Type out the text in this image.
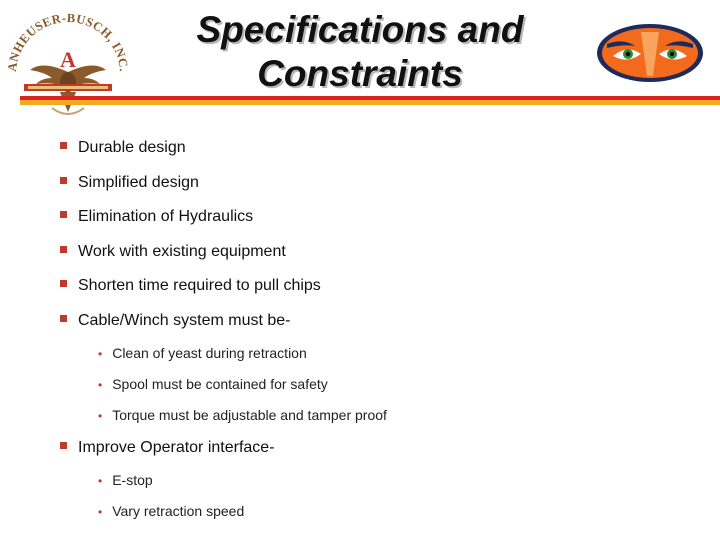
ANHEUSER-BUSCH, INC.
A
Specifications and Constraints
Durable design
Simplified design
Elimination of Hydraulics
Work with existing equipment
Shorten time required to pull chips
Cable/Winch system must be-
• Clean of yeast during retraction
• Spool must be contained for safety
• Torque must be adjustable and tamper proof
Improve Operator interface-
• E-stop
• Vary retraction speed
